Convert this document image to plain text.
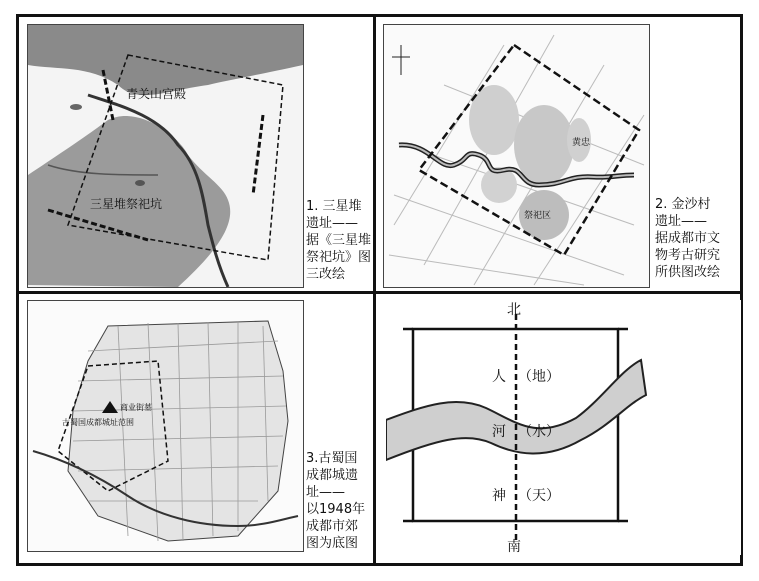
青关山宫殿
三星堆祭祀坑	1. 三星堆
遗址——
据《三星堆
祭祀坑》图
三改绘
祭祀区
黄忠
2. 金沙村
遗址——
据成都市文
物考古研究
所供图改绘
商业街墓
古蜀国成都城址范围
3.古蜀国
成都城遗
址——
以1948年
成都市郊
图为底图
北
南
人 （地）
河 （水）
神 （天）
